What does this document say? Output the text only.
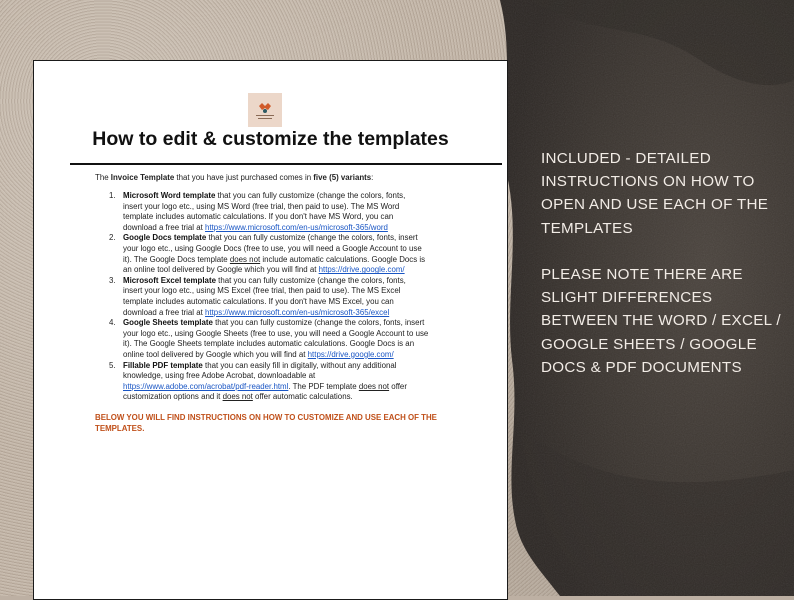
How to edit & customize the templates
The Invoice Template that you have just purchased comes in five (5) variants:
1. Microsoft Word template that you can fully customize (change the colors, fonts,
insert your logo etc., using MS Word (free trial, then paid to use). The MS Word
template includes automatic calculations. If you don't have MS Word, you can
download a free trial at https://www.microsoft.com/en-us/microsoft-365/word
2. Google Docs template that you can fully customize (change the colors, fonts, insert
your logo etc., using Google Docs (free to use, you will need a Google Account to use
it). The Google Docs template does not include automatic calculations. Google Docs is
an online tool delivered by Google which you will find at https://drive.google.com/
3. Microsoft Excel template that you can fully customize (change the colors, fonts,
insert your logo etc., using MS Excel (free trial, then paid to use). The MS Excel
template includes automatic calculations. If you don't have MS Excel, you can
download a free trial at https://www.microsoft.com/en-us/microsoft-365/excel
4. Google Sheets template that you can fully customize (change the colors, fonts, insert
your logo etc., using Google Sheets (free to use, you will need a Google Account to use
it). The Google Sheets template includes automatic calculations. Google Docs is an
online tool delivered by Google which you will find at https://drive.google.com/
5. Fillable PDF template that you can easily fill in digitally, without any additional
knowledge, using free Adobe Acrobat, downloadable at
https://www.adobe.com/acrobat/pdf-reader.html. The PDF template does not offer
customization options and it does not offer automatic calculations.
BELOW YOU WILL FIND INSTRUCTIONS ON HOW TO CUSTOMIZE AND USE EACH OF THE TEMPLATES.
INCLUDED - DETAILED INSTRUCTIONS ON HOW TO OPEN AND USE EACH OF THE TEMPLATES
PLEASE NOTE THERE ARE SLIGHT DIFFERENCES BETWEEN THE WORD / EXCEL / GOOGLE SHEETS / GOOGLE DOCS & PDF DOCUMENTS
